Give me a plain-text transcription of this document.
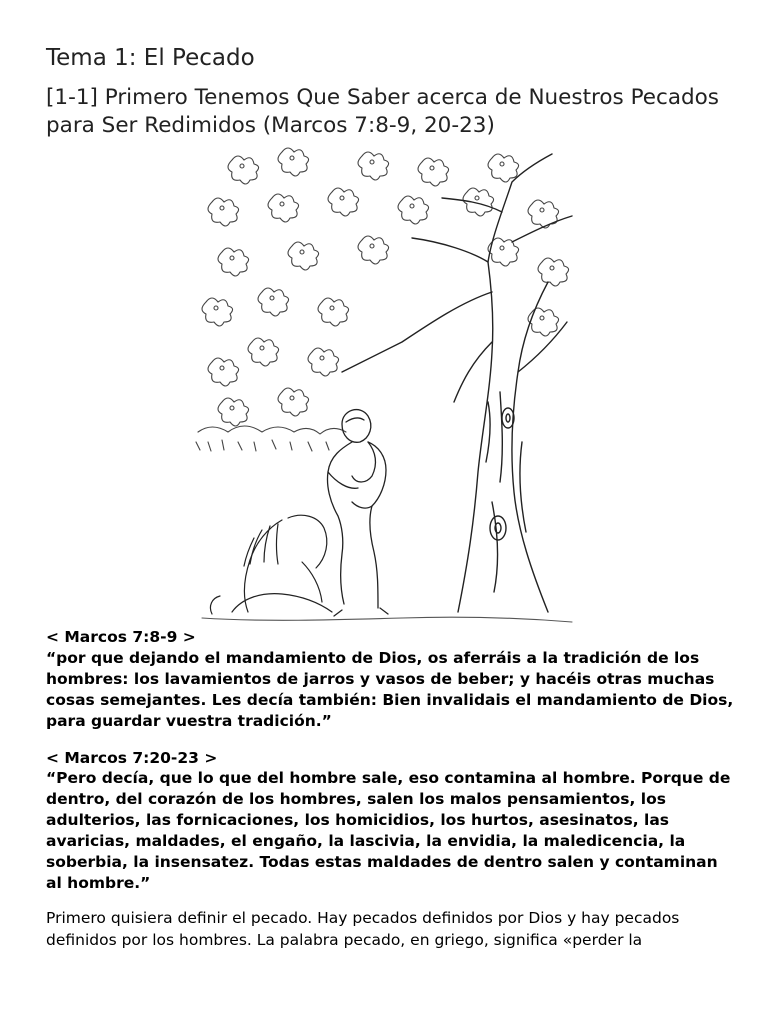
Tema 1: El Pecado
[1-1] Primero Tenemos Que Saber acerca de Nuestros Pecados para Ser Redimidos (Marcos 7:8-9, 20-23)

< Marcos 7:8-9 >

“por que dejando el mandamiento de Dios, os aferráis a la tradición de los hombres: los lavamientos de jarros y vasos de beber; y hacéis otras muchas cosas semejantes. Les decía también: Bien invalidais el mandamiento de Dios, para guardar vuestra tradición.”

< Marcos 7:20-23 >

“Pero decía, que lo que del hombre sale, eso contamina al hombre. Porque de dentro, del corazón de los hombres, salen los malos pensamientos, los adulterios, las fornicaciones, los homicidios, los hurtos, asesinatos, las avaricias, maldades, el engaño, la lascivia, la envidia, la maledicencia, la soberbia, la insensatez. Todas estas maldades de dentro salen y contaminan al hombre.”

Primero quisiera definir el pecado. Hay pecados definidos por Dios y hay pecados definidos por los hombres. La palabra pecado, en griego, significa «perder la
